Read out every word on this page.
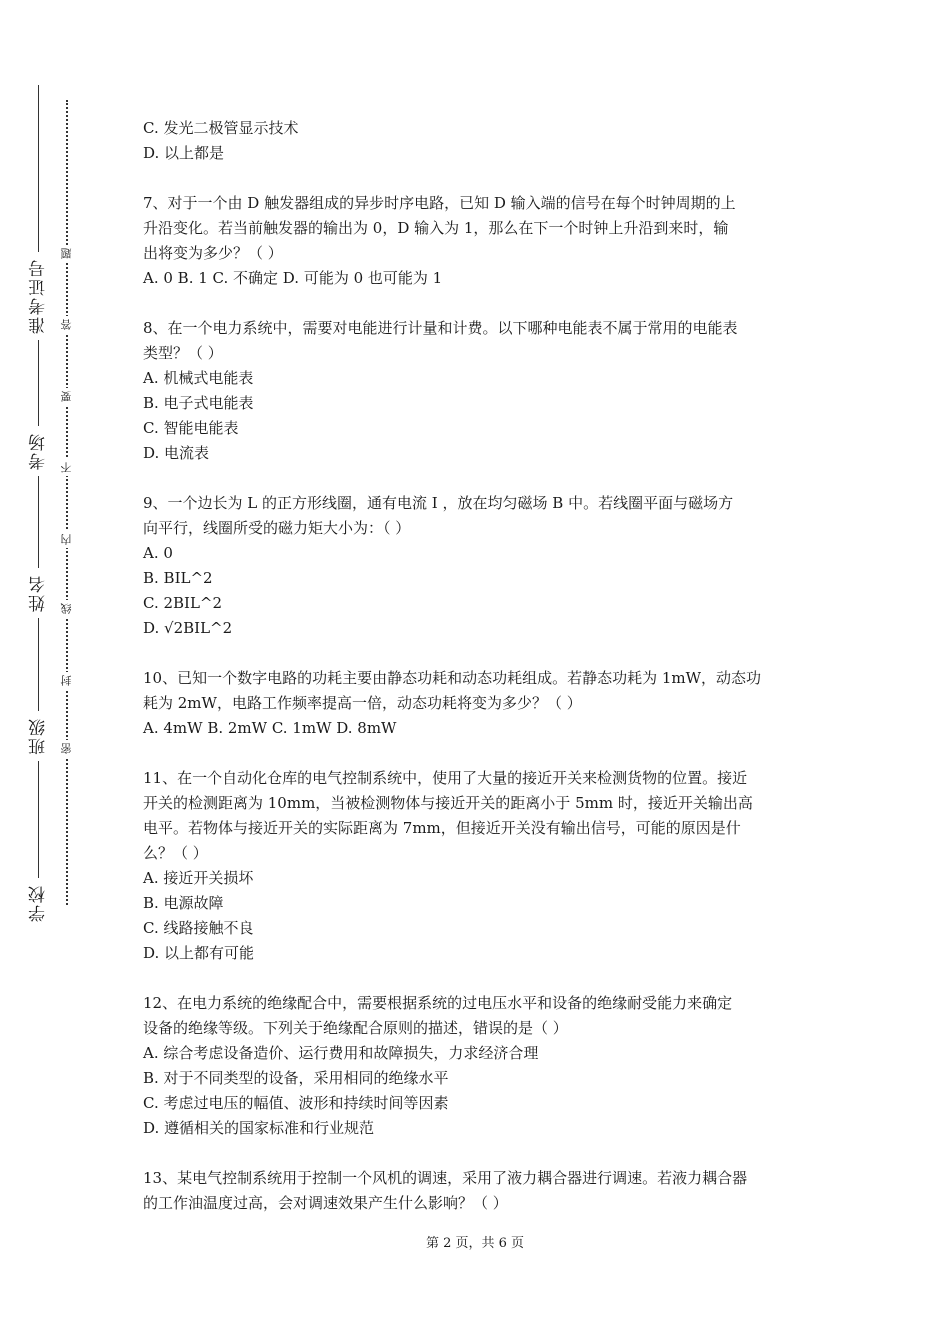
学校
班级
姓名
考场
准考证号
密
封
线
内
不
要
答
题

C. 发光二极管显示技术

D. 以上都是

7、对于一个由 D 触发器组成的异步时序电路，已知 D 输入端的信号在每个时钟周期的上

升沿变化。若当前触发器的输出为 0，D 输入为 1，那么在下一个时钟上升沿到来时，输

出将变为多少？（ ）

A. 0 B. 1 C. 不确定 D. 可能为 0 也可能为 1

8、在一个电力系统中，需要对电能进行计量和计费。以下哪种电能表不属于常用的电能表

类型？（ ）

A. 机械式电能表

B. 电子式电能表

C. 智能电能表

D. 电流表

9、一个边长为 L 的正方形线圈，通有电流 I ，放在均匀磁场 B 中。若线圈平面与磁场方

向平行，线圈所受的磁力矩大小为：（ ）

A. 0

B. BIL^2

C. 2BIL^2

D. √2BIL^2

10、已知一个数字电路的功耗主要由静态功耗和动态功耗组成。若静态功耗为 1mW，动态功

耗为 2mW，电路工作频率提高一倍，动态功耗将变为多少？（ ）

A. 4mW B. 2mW C. 1mW D. 8mW

11、在一个自动化仓库的电气控制系统中，使用了大量的接近开关来检测货物的位置。接近

开关的检测距离为 10mm，当被检测物体与接近开关的距离小于 5mm 时，接近开关输出高

电平。若物体与接近开关的实际距离为 7mm，但接近开关没有输出信号，可能的原因是什

么？（ ）

A. 接近开关损坏

B. 电源故障

C. 线路接触不良

D. 以上都有可能

12、在电力系统的绝缘配合中，需要根据系统的过电压水平和设备的绝缘耐受能力来确定

设备的绝缘等级。下列关于绝缘配合原则的描述，错误的是（ ）

A. 综合考虑设备造价、运行费用和故障损失，力求经济合理

B. 对于不同类型的设备，采用相同的绝缘水平

C. 考虑过电压的幅值、波形和持续时间等因素

D. 遵循相关的国家标准和行业规范

13、某电气控制系统用于控制一个风机的调速，采用了液力耦合器进行调速。若液力耦合器

的工作油温度过高，会对调速效果产生什么影响？（ ）

第 2 页，共 6 页
